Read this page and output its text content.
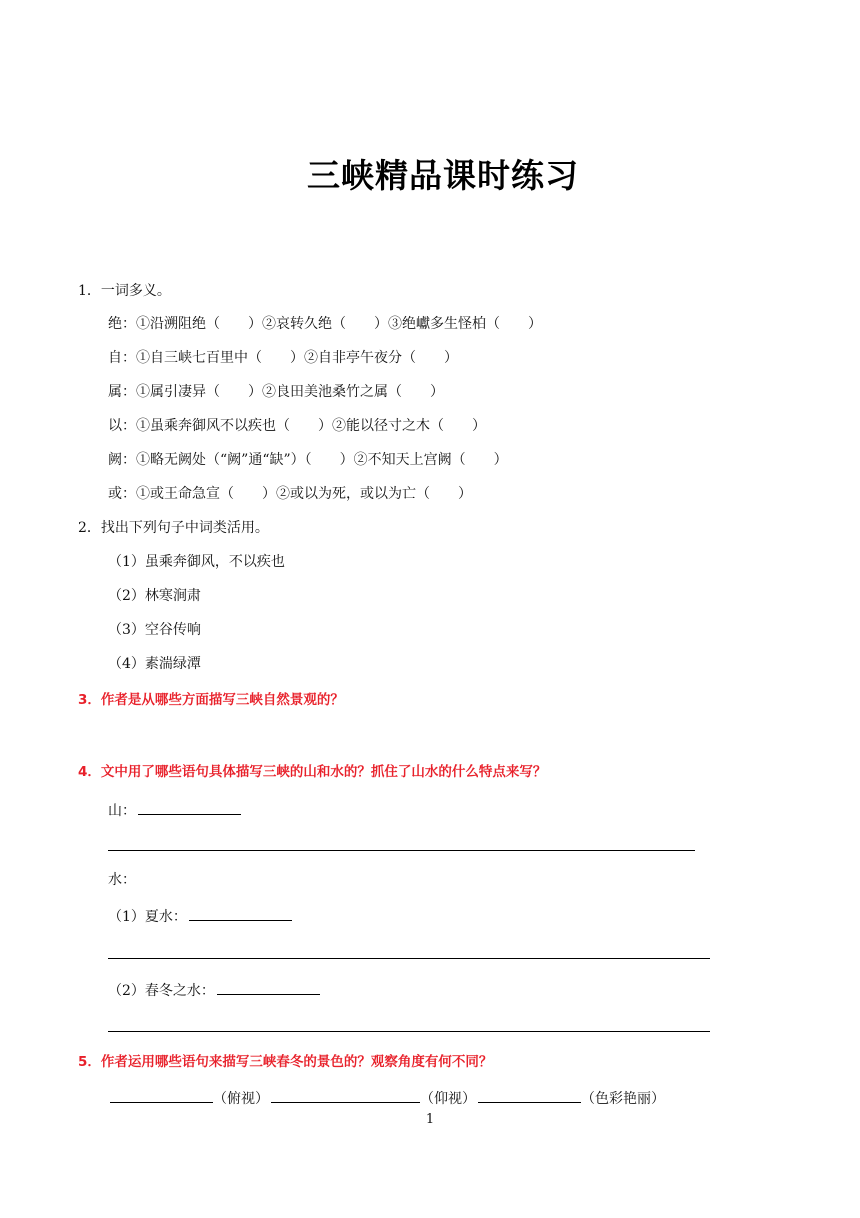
三峡精品课时练习
1．一词多义。
绝：①沿溯阻绝（　　）②哀转久绝（　　）③绝巘多生怪柏（　　）
自：①自三峡七百里中（　　）②自非亭午夜分（　　）
属：①属引凄异（　　）②良田美池桑竹之属（　　）
以：①虽乘奔御风不以疾也（　　）②能以径寸之木（　　）
阙：①略无阙处（“阙”通“缺”）（　　）②不知天上宫阙（　　）
或：①或王命急宣（　　）②或以为死，或以为亡（　　）
2．找出下列句子中词类活用。
（1）虽乘奔御风，不以疾也
（2）林寒涧肃
（3）空谷传响
（4）素湍绿潭
3．作者是从哪些方面描写三峡自然景观的？
4．文中用了哪些语句具体描写三峡的山和水的？抓住了山水的什么特点来写？
山：
水：
（1）夏水：
（2）春冬之水：
5．作者运用哪些语句来描写三峡春冬的景色的？观察角度有何不同？
（俯视）	（仰视）	（色彩艳丽）
1
